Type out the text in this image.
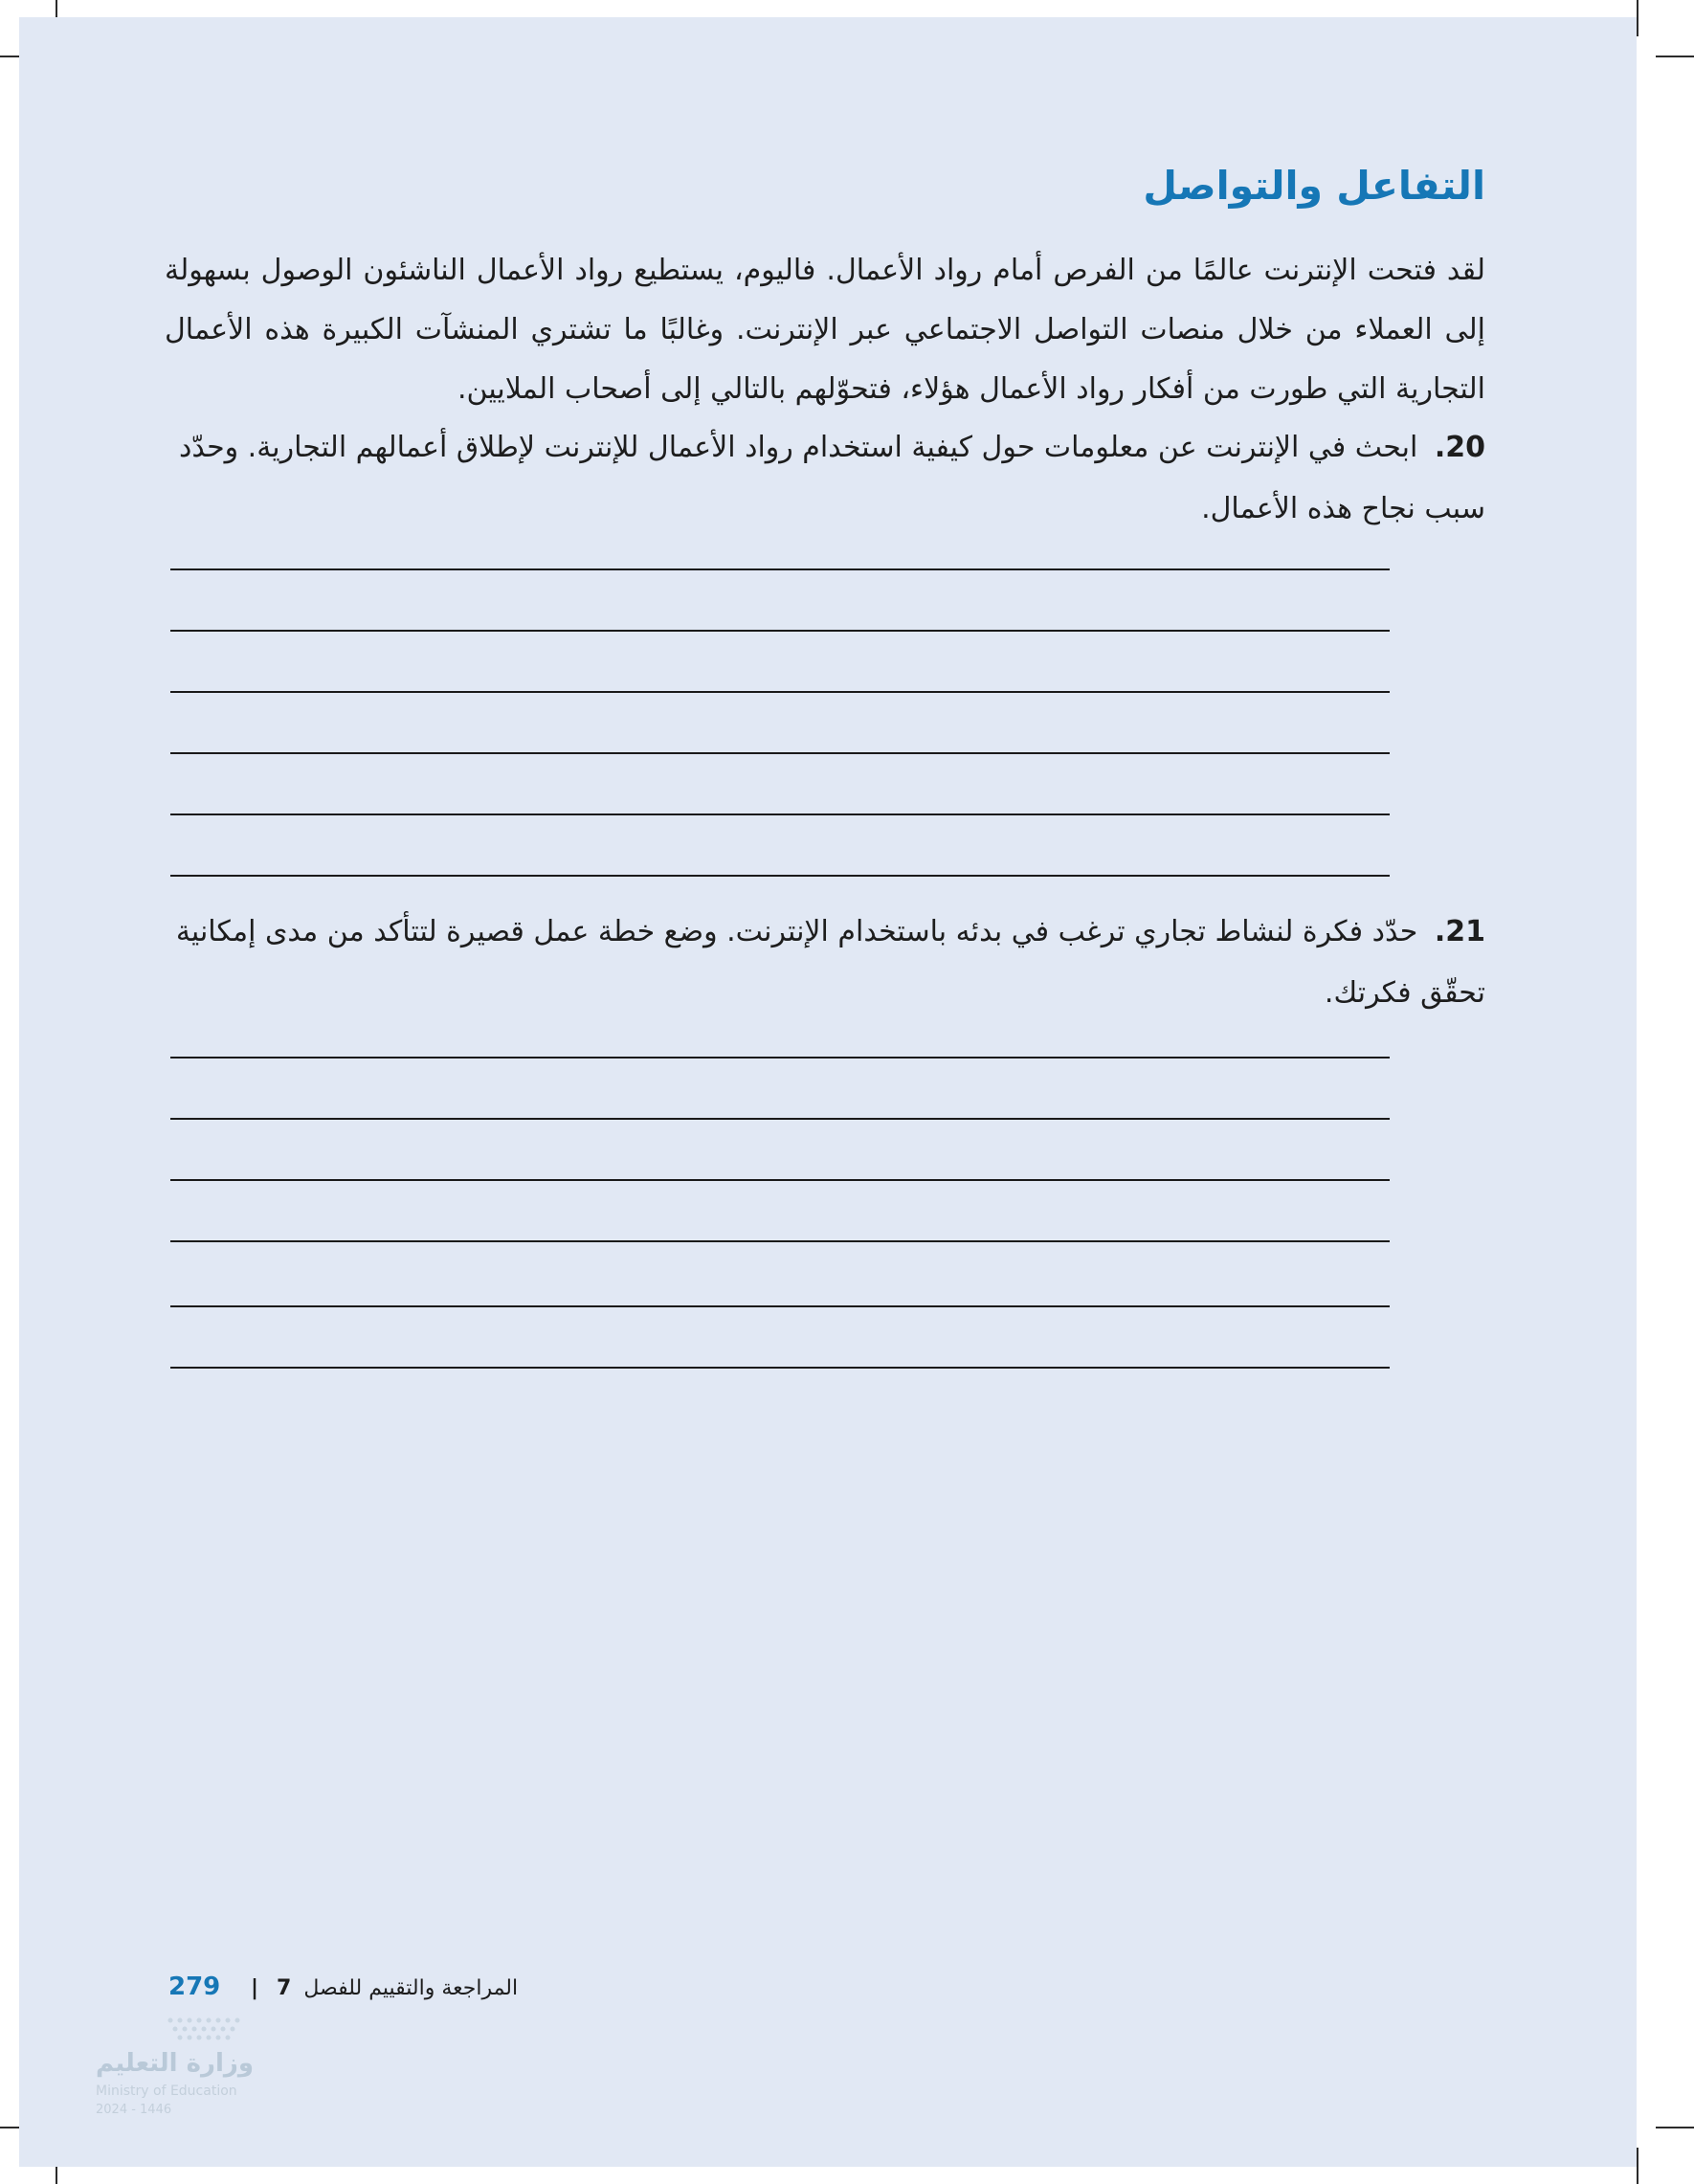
التفاعل والتواصل

لقد فتحت الإنترنت عالمًا من الفرص أمام رواد الأعمال. فاليوم، يستطيع رواد الأعمال الناشئون الوصول بسهولة إلى العملاء من خلال منصات التواصل الاجتماعي عبر الإنترنت. وغالبًا ما تشتري المنشآت الكبيرة هذه الأعمال التجارية التي طورت من أفكار رواد الأعمال هؤلاء، فتحوّلهم بالتالي إلى أصحاب الملايين.

20. ابحث في الإنترنت عن معلومات حول كيفية استخدام رواد الأعمال للإنترنت لإطلاق أعمالهم التجارية. وحدّد سبب نجاح هذه الأعمال.

21. حدّد فكرة لنشاط تجاري ترغب في بدئه باستخدام الإنترنت. وضع خطة عمل قصيرة لتتأكد من مدى إمكانية تحقّق فكرتك.

279	المراجعة والتقييم للفصل 7 |
وزارة التعليم
Ministry of Education
2024 - 1446
